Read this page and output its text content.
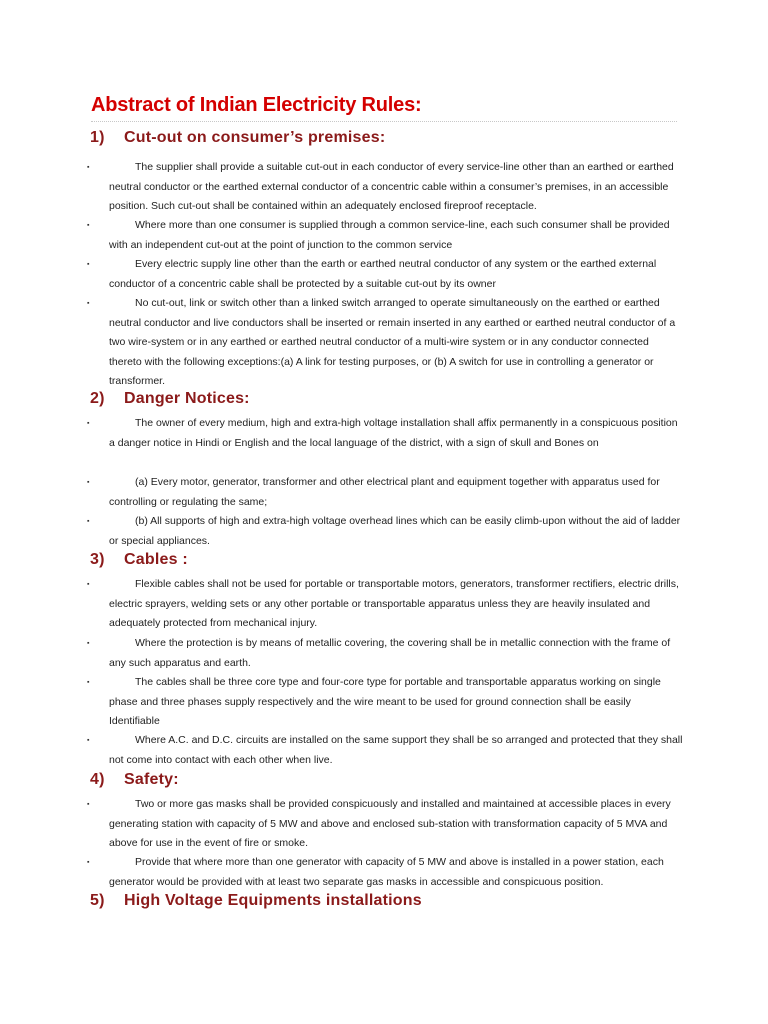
Abstract of Indian Electricity Rules:
1) Cut-out on consumer’s premises:
▪	The supplier shall provide a suitable cut-out in each conductor of every service-line other than an earthed or earthed neutral conductor or the earthed external conductor of a concentric cable within a consumer’s premises, in an accessible position. Such cut-out shall be contained within an adequately enclosed fireproof receptacle.
▪	Where more than one consumer is supplied through a common service-line, each such consumer shall be provided with an independent cut-out at the point of junction to the common service
▪	Every electric supply line other than the earth or earthed neutral conductor of any system or the earthed external conductor of a concentric cable shall be protected by a suitable cut-out by its owner
▪	No cut-out, link or switch other than a linked switch arranged to operate simultaneously on the earthed or earthed neutral conductor and live conductors shall be inserted or remain inserted in any earthed or earthed neutral conductor of a two wire-system or in any earthed or earthed neutral conductor of a multi-wire system or in any conductor connected thereto with the following exceptions:(a) A link for testing purposes, or (b) A switch for use in controlling a generator or transformer.
2) Danger Notices:
▪	The owner of every medium, high and extra-high voltage installation shall affix permanently in a conspicuous position a danger notice in Hindi or English and the local language of the district, with a sign of skull and Bones on
▪	(a) Every motor, generator, transformer and other electrical plant and equipment together with apparatus used for controlling or regulating the same;
▪	(b) All supports of high and extra-high voltage overhead lines which can be easily climb-upon without the aid of ladder or special appliances.
3) Cables :
▪	Flexible cables shall not be used for portable or transportable motors, generators, transformer rectifiers, electric drills, electric sprayers, welding sets or any other portable or transportable apparatus unless they are heavily insulated and adequately protected from mechanical injury.
▪	Where the protection is by means of metallic covering, the covering shall be in metallic connection with the frame of any such apparatus and earth.
▪	The cables shall be three core type and four-core type for portable and transportable apparatus working on single phase and three phases supply respectively and the wire meant to be used for ground connection shall be easily Identifiable
▪	Where A.C. and D.C. circuits are installed on the same support they shall be so arranged and protected that they shall not come into contact with each other when live.
4) Safety:
▪	Two or more gas masks shall be provided conspicuously and installed and maintained at accessible places in every generating station with capacity of 5 MW and above and enclosed sub-station with transformation capacity of 5 MVA and above for use in the event of fire or smoke.
▪	Provide that where more than one generator with capacity of 5 MW and above is installed in a power station, each generator would be provided with at least two separate gas masks in accessible and conspicuous position.
5) High Voltage Equipments installations
